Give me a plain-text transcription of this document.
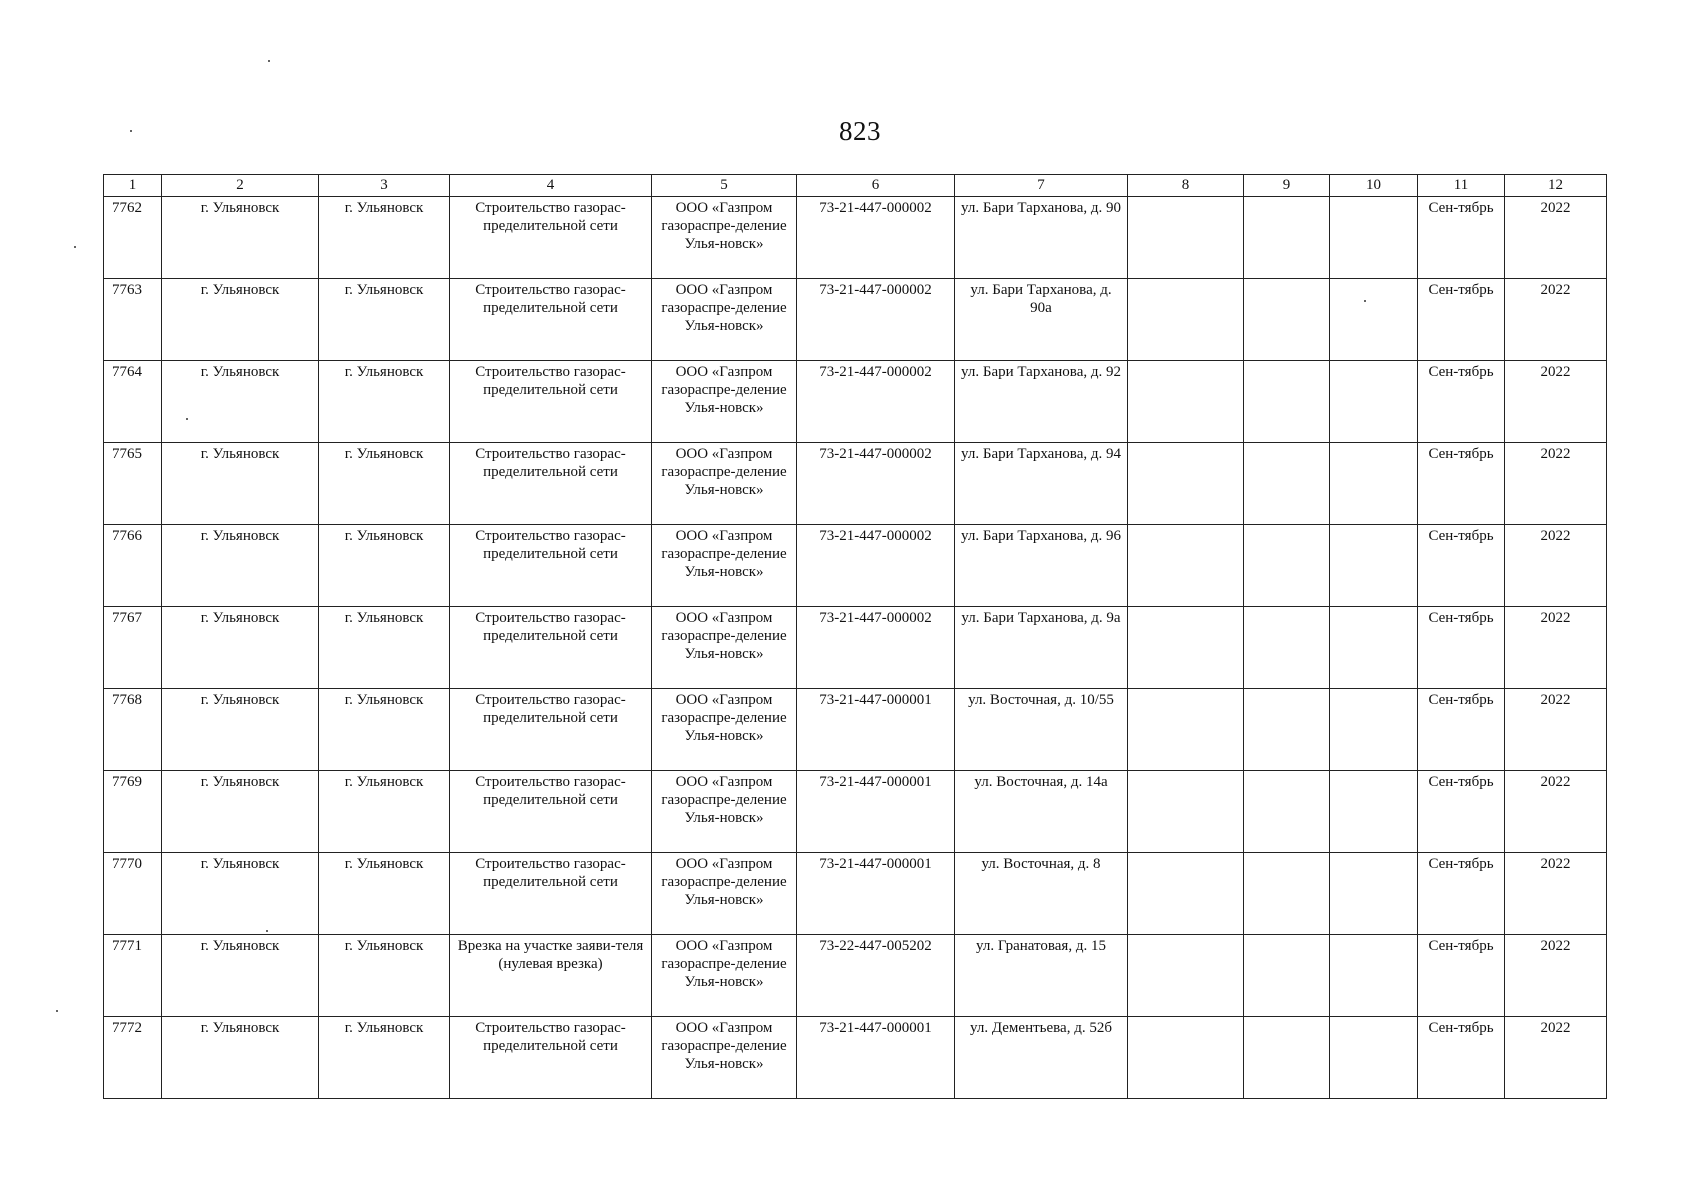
823
1	2	3	4	5	6	7	8	9	10	11	12
7762	г. Ульяновск	г. Ульяновск	Строительство газорас-пределительной сети	ООО «Газпром газораспре-деление Улья-новск»	73-21-447-000002	ул. Бари Тарханова, д. 90				Сен-тябрь	2022
7763	г. Ульяновск	г. Ульяновск	Строительство газорас-пределительной сети	ООО «Газпром газораспре-деление Улья-новск»	73-21-447-000002	ул. Бари Тарханова, д. 90а				Сен-тябрь	2022
7764	г. Ульяновск	г. Ульяновск	Строительство газорас-пределительной сети	ООО «Газпром газораспре-деление Улья-новск»	73-21-447-000002	ул. Бари Тарханова, д. 92				Сен-тябрь	2022
7765	г. Ульяновск	г. Ульяновск	Строительство газорас-пределительной сети	ООО «Газпром газораспре-деление Улья-новск»	73-21-447-000002	ул. Бари Тарханова, д. 94				Сен-тябрь	2022
7766	г. Ульяновск	г. Ульяновск	Строительство газорас-пределительной сети	ООО «Газпром газораспре-деление Улья-новск»	73-21-447-000002	ул. Бари Тарханова, д. 96				Сен-тябрь	2022
7767	г. Ульяновск	г. Ульяновск	Строительство газорас-пределительной сети	ООО «Газпром газораспре-деление Улья-новск»	73-21-447-000002	ул. Бари Тарханова, д. 9а				Сен-тябрь	2022
7768	г. Ульяновск	г. Ульяновск	Строительство газорас-пределительной сети	ООО «Газпром газораспре-деление Улья-новск»	73-21-447-000001	ул. Восточная, д. 10/55				Сен-тябрь	2022
7769	г. Ульяновск	г. Ульяновск	Строительство газорас-пределительной сети	ООО «Газпром газораспре-деление Улья-новск»	73-21-447-000001	ул. Восточная, д. 14а				Сен-тябрь	2022
7770	г. Ульяновск	г. Ульяновск	Строительство газорас-пределительной сети	ООО «Газпром газораспре-деление Улья-новск»	73-21-447-000001	ул. Восточная, д. 8				Сен-тябрь	2022
7771	г. Ульяновск	г. Ульяновск	Врезка на участке заяви-теля (нулевая врезка)	ООО «Газпром газораспре-деление Улья-новск»	73-22-447-005202	ул. Гранатовая, д. 15				Сен-тябрь	2022
7772	г. Ульяновск	г. Ульяновск	Строительство газорас-пределительной сети	ООО «Газпром газораспре-деление Улья-новск»	73-21-447-000001	ул. Дементьева, д. 52б				Сен-тябрь	2022
